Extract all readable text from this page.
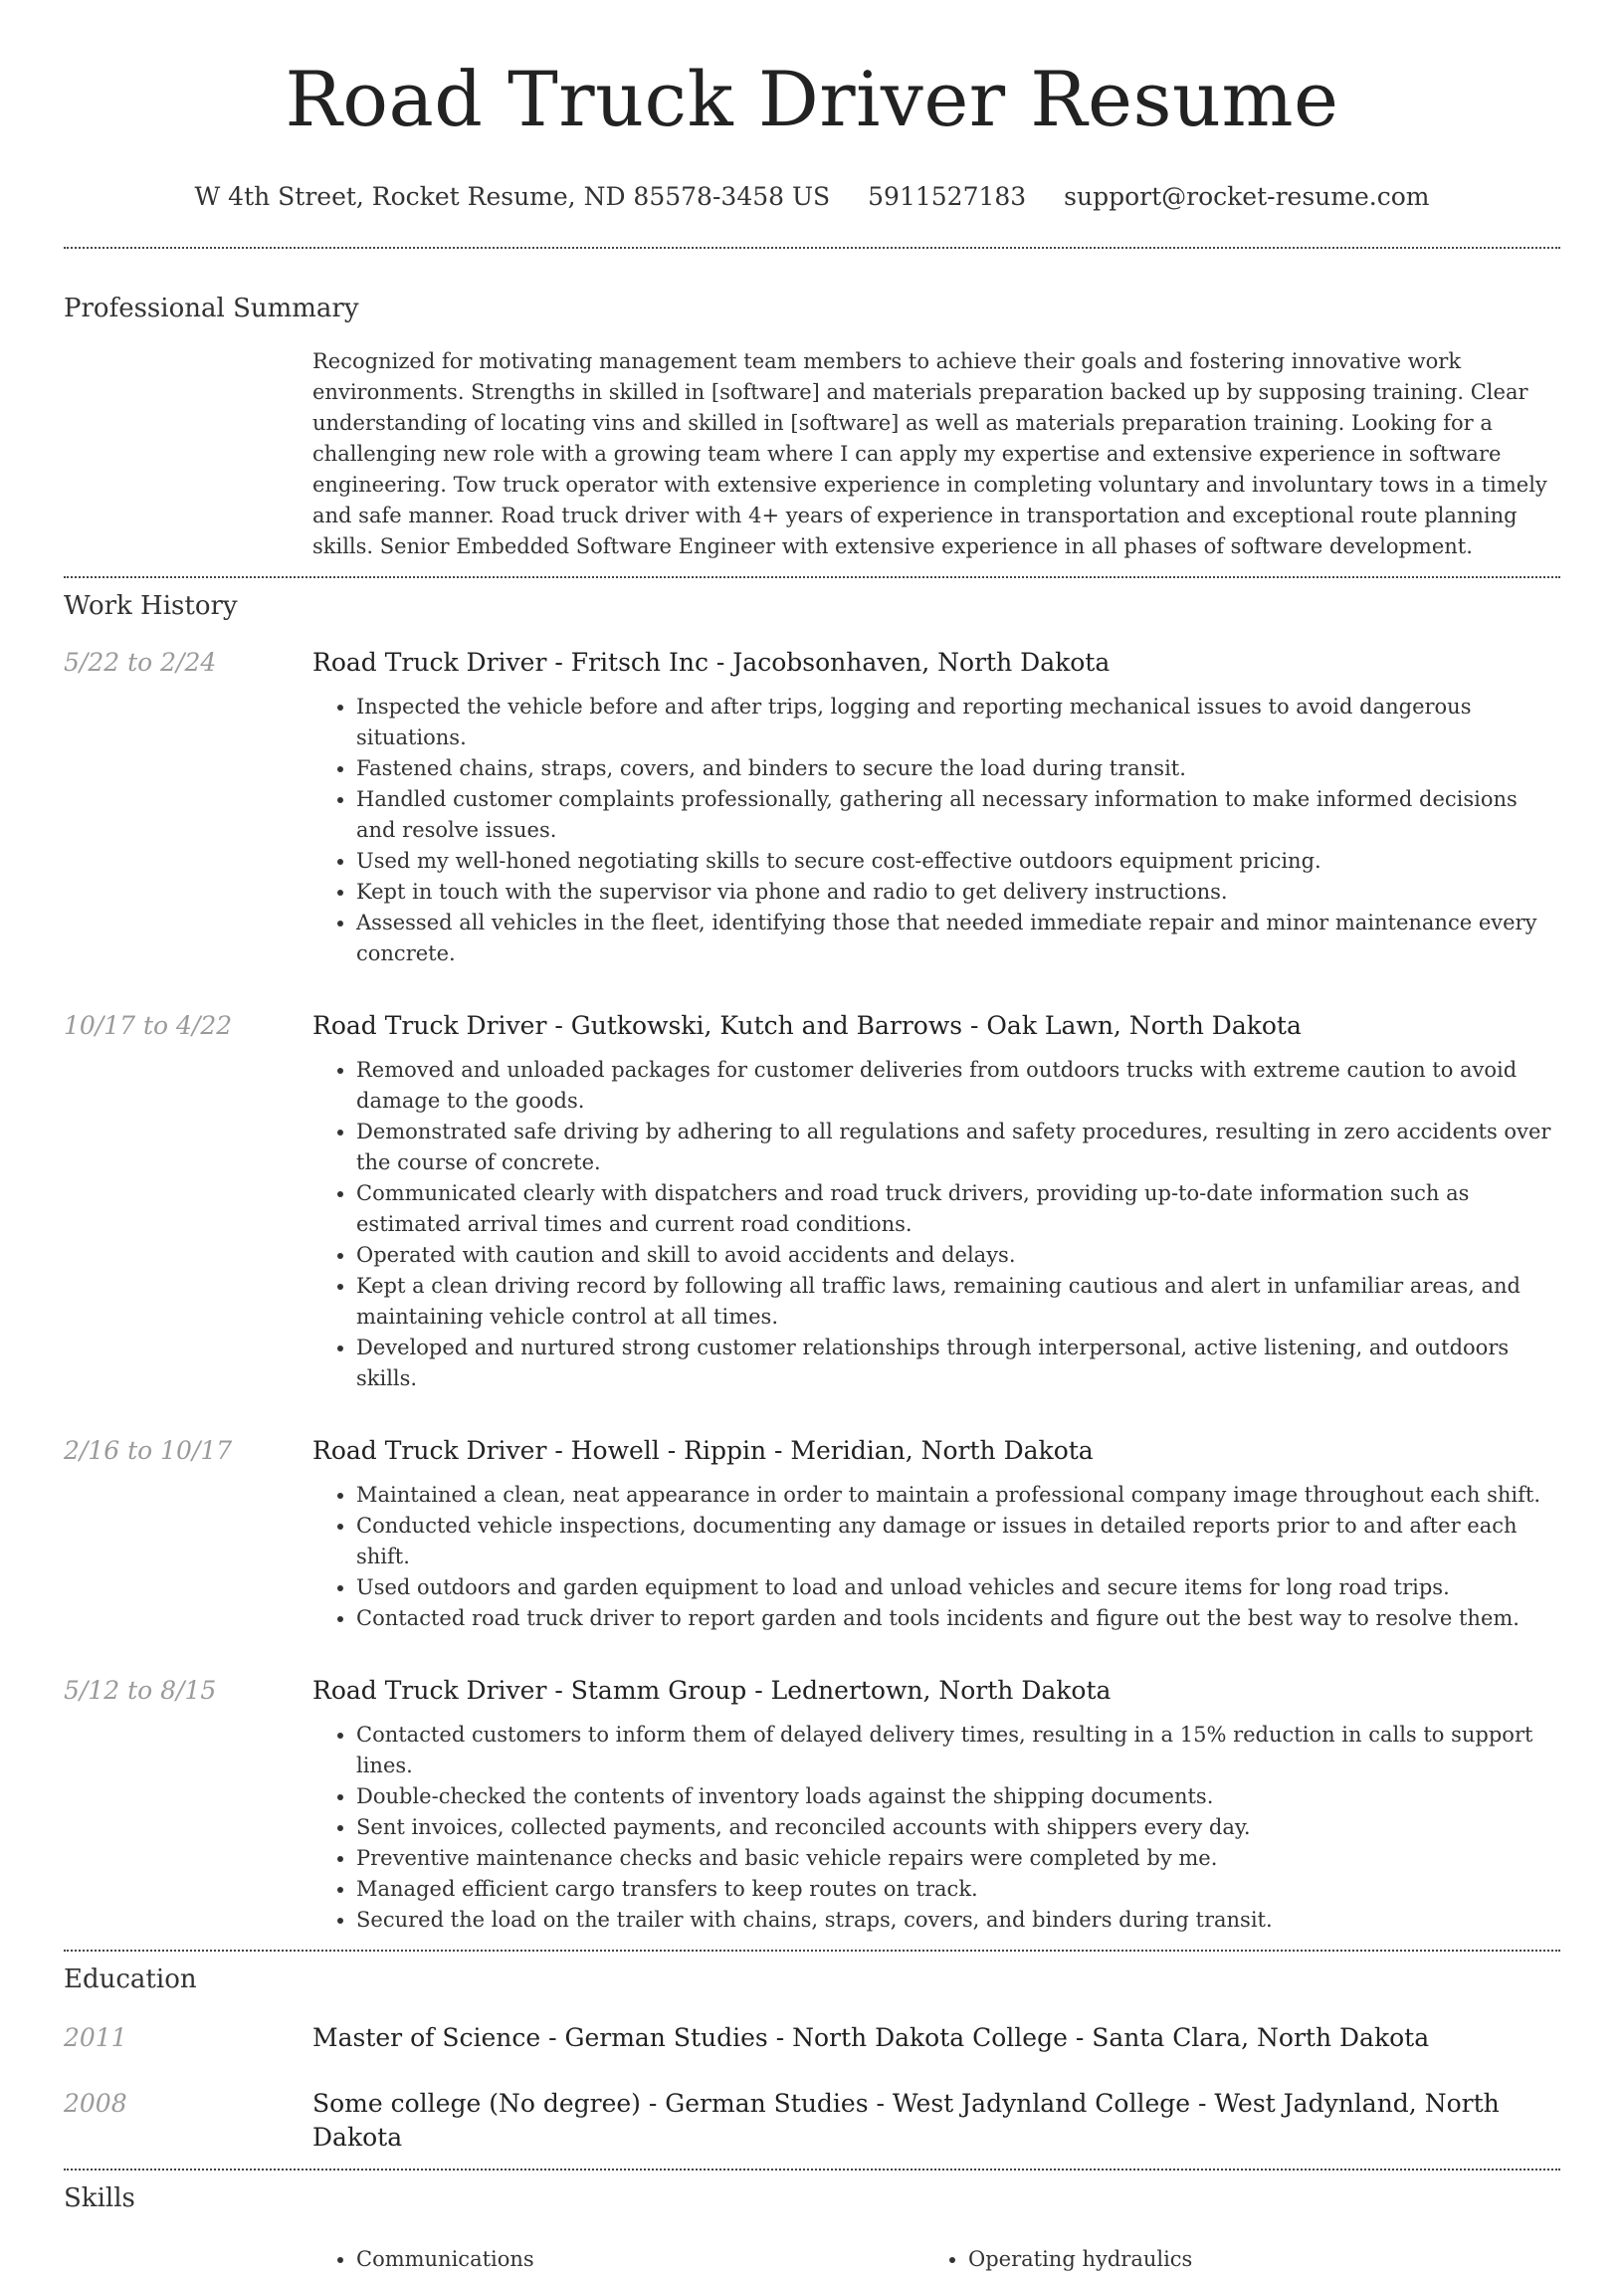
Road Truck Driver Resume
W 4th Street, Rocket Resume, ND 85578-3458 US 5911527183 support@rocket-resume.com
Professional Summary

Recognized for motivating management team members to achieve their goals and fostering innovative work environments. Strengths in skilled in [software] and materials preparation backed up by supposing training. Clear understanding of locating vins and skilled in [software] as well as materials preparation training. Looking for a challenging new role with a growing team where I can apply my expertise and extensive experience in software engineering. Tow truck operator with extensive experience in completing voluntary and involuntary tows in a timely and safe manner. Road truck driver with 4+ years of experience in transportation and exceptional route planning skills. Senior Embedded Software Engineer with extensive experience in all phases of software development.

Work History
5/22 to 2/24	Road Truck Driver - Fritsch Inc - Jacobsonhaven, North Dakota
• Inspected the vehicle before and after trips, logging and reporting mechanical issues to avoid dangerous situations.
• Fastened chains, straps, covers, and binders to secure the load during transit.
• Handled customer complaints professionally, gathering all necessary information to make informed decisions and resolve issues.
• Used my well-honed negotiating skills to secure cost-effective outdoors equipment pricing.
• Kept in touch with the supervisor via phone and radio to get delivery instructions.
• Assessed all vehicles in the fleet, identifying those that needed immediate repair and minor maintenance every concrete.
10/17 to 4/22	Road Truck Driver - Gutkowski, Kutch and Barrows - Oak Lawn, North Dakota
• Removed and unloaded packages for customer deliveries from outdoors trucks with extreme caution to avoid damage to the goods.
• Demonstrated safe driving by adhering to all regulations and safety procedures, resulting in zero accidents over the course of concrete.
• Communicated clearly with dispatchers and road truck drivers, providing up-to-date information such as estimated arrival times and current road conditions.
• Operated with caution and skill to avoid accidents and delays.
• Kept a clean driving record by following all traffic laws, remaining cautious and alert in unfamiliar areas, and maintaining vehicle control at all times.
• Developed and nurtured strong customer relationships through interpersonal, active listening, and outdoors skills.
2/16 to 10/17	Road Truck Driver - Howell - Rippin - Meridian, North Dakota
• Maintained a clean, neat appearance in order to maintain a professional company image throughout each shift.
• Conducted vehicle inspections, documenting any damage or issues in detailed reports prior to and after each shift.
• Used outdoors and garden equipment to load and unload vehicles and secure items for long road trips.
• Contacted road truck driver to report garden and tools incidents and figure out the best way to resolve them.
5/12 to 8/15	Road Truck Driver - Stamm Group - Lednertown, North Dakota
• Contacted customers to inform them of delayed delivery times, resulting in a 15% reduction in calls to support lines.
• Double-checked the contents of inventory loads against the shipping documents.
• Sent invoices, collected payments, and reconciled accounts with shippers every day.
• Preventive maintenance checks and basic vehicle repairs were completed by me.
• Managed efficient cargo transfers to keep routes on track.
• Secured the load on the trailer with chains, straps, covers, and binders during transit.
Education
2011	Master of Science - German Studies - North Dakota College - Santa Clara, North Dakota
2008	Some college (No degree) - German Studies - West Jadynland College - West Jadynland, North Dakota
Skills
• Communications
•	Operating hydraulics
